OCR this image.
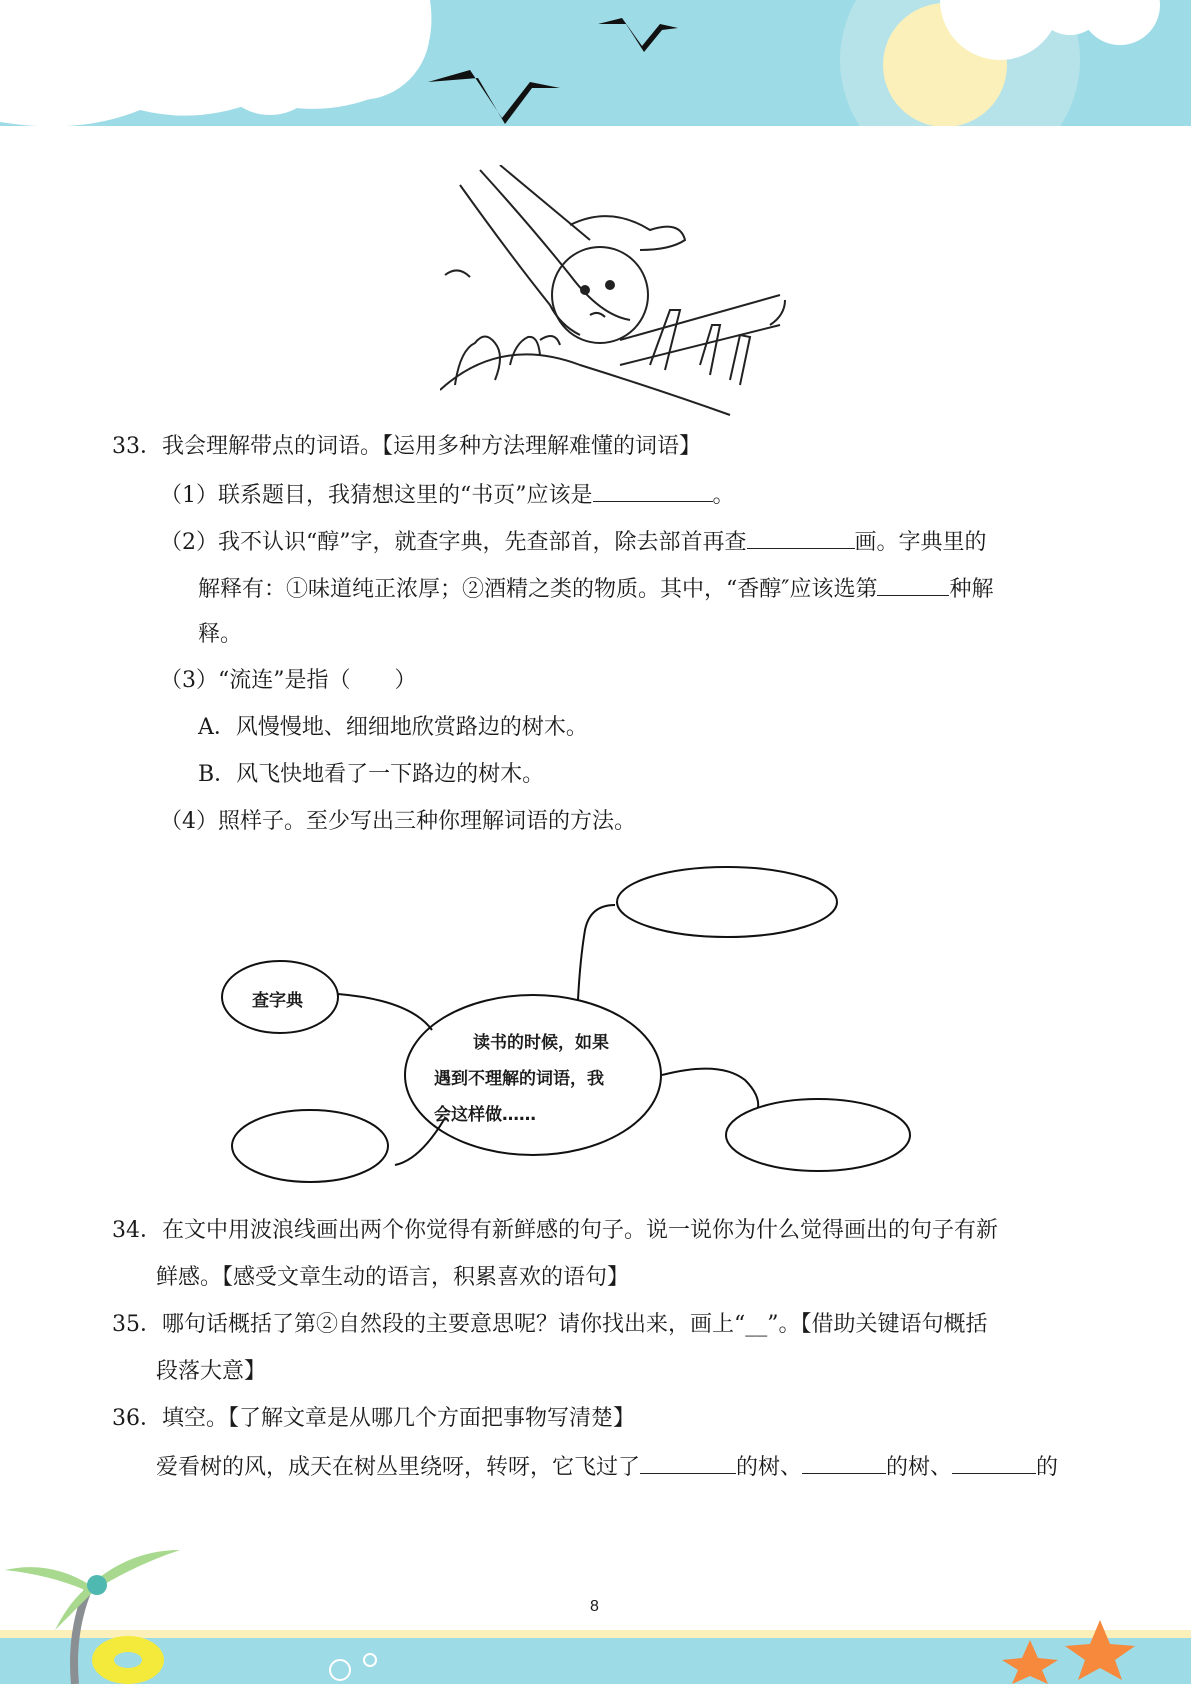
33．我会理解带点的词语。【运用多种方法理解难懂的词语】
（1）联系题目，我猜想这里的“书页”应该是	。
（2）我不认识“醇”字，就查字典，先查部首，除去部首再查	画。字典里的
解释有：①味道纯正浓厚；②酒精之类的物质。其中，“香醇″应该选第	种解
释。
（3）“流连”是指（　　）
A．风慢慢地、细细地欣赏路边的树木。
B．风飞快地看了一下路边的树木。
（4）照样子。至少写出三种你理解词语的方法。
查字典
读书的时候，如果
遇到不理解的词语，我
会这样做……
34．在文中用波浪线画出两个你觉得有新鲜感的句子。说一说你为什么觉得画出的句子有新
鲜感。【感受文章生动的语言，积累喜欢的语句】
35．哪句话概括了第②自然段的主要意思呢？请你找出来，画上“__”。【借助关键语句概括
段落大意】
36．填空。【了解文章是从哪几个方面把事物写清楚】
爱看树的风，成天在树丛里绕呀，转呀，它飞过了	的树、	的树、	的
8
